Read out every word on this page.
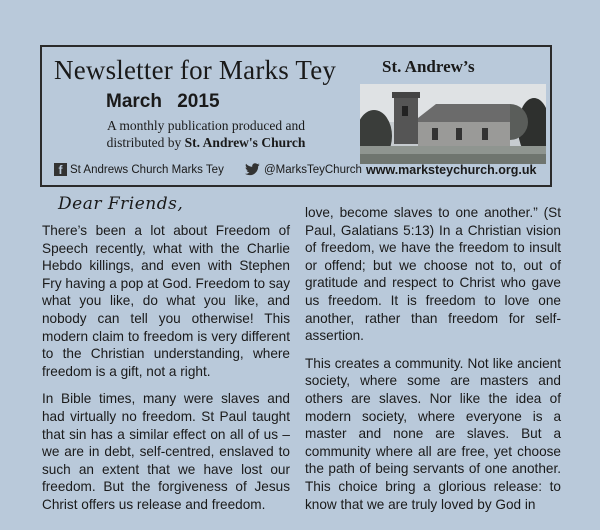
Newsletter for Marks Tey
March 2015
A monthly publication produced and
distributed by St. Andrew's Church
St. Andrew’s
f St Andrews Church Marks Tey	@MarksTeyChurch www.marksteychurch.org.uk
Dear Friends,

There’s been a lot about Freedom of Speech recently, what with the Charlie Hebdo killings, and even with Stephen Fry having a pop at God. Freedom to say what you like, do what you like, and nobody can tell you otherwise! This modern claim to freedom is very different to the Christian understanding, where freedom is a gift, not a right.

In Bible times, many were slaves and had virtually no freedom. St Paul taught that sin has a similar effect on all of us – we are in debt, self-centred, enslaved to such an extent that we have lost our freedom. But the forgiveness of Jesus Christ offers us release and freedom.

love, become slaves to one another.” (St Paul, Galatians 5:13) In a Christian vision of freedom, we have the freedom to insult or offend; but we choose not to, out of gratitude and respect to Christ who gave us freedom. It is freedom to love one another, rather than freedom for self-assertion.

This creates a community. Not like ancient society, where some are masters and others are slaves. Nor like the idea of modern society, where everyone is a master and none are slaves. But a community where all are free, yet choose the path of being servants of one another. This choice bring a glorious release: to know that we are truly loved by God in
